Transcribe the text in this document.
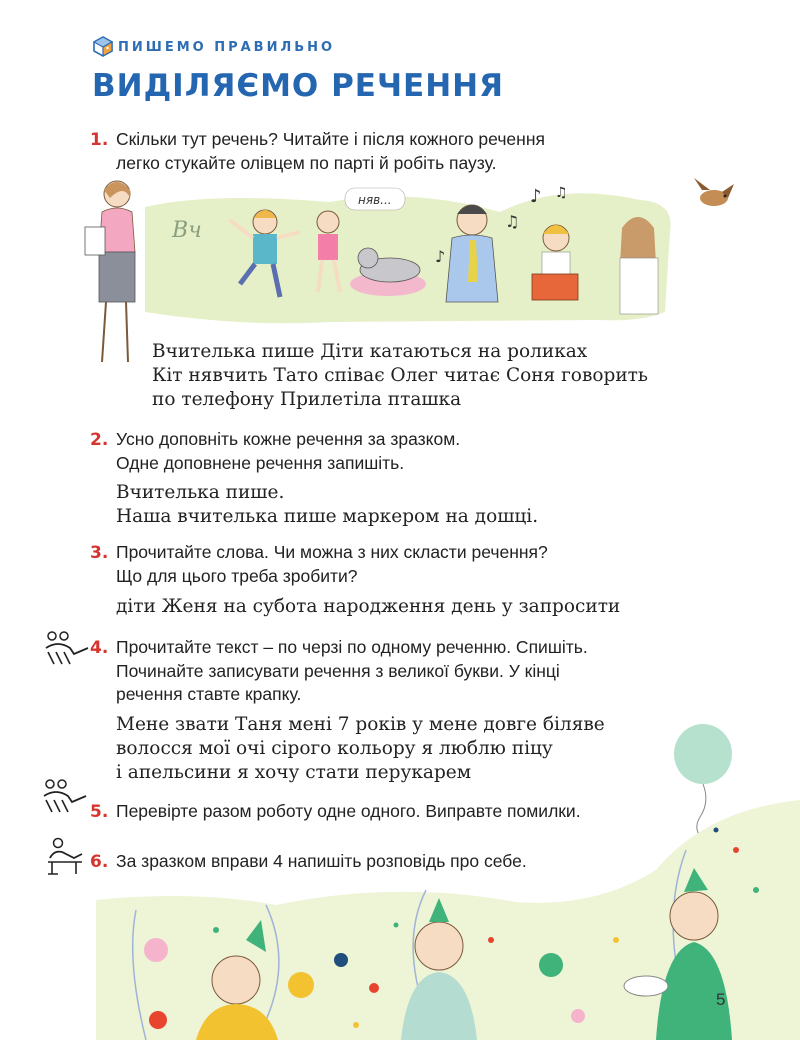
ПИШЕМО ПРАВИЛЬНО
ВИДІЛЯЄМО РЕЧЕННЯ
1. Скільки тут речень? Читайте і після кожного речення
легко стукайте олівцем по парті й робіть паузу.
Вч
няв...	♪ ♫
♫
♪
Вчителька пише Діти катаються на роликах
Кіт нявчить Тато співає Олег читає Соня говорить
по телефону Прилетіла пташка
2. Усно доповніть кожне речення за зразком.
Одне доповнене речення запишіть.
Вчителька пише.
Наша вчителька пише маркером на дошці.
3. Прочитайте слова. Чи можна з них скласти речення?
Що для цього треба зробити?
діти Женя на субота народження день у запросити
4. Прочитайте текст – по черзі по одному реченню. Спишіть.
Починайте записувати речення з великої букви. У кінці
речення ставте крапку.
Мене звати Таня мені 7 років у мене довге біляве
волосся мої очі сірого кольору я люблю піцу
і апельсини я хочу стати перукарем
5. Перевірте разом роботу одне одного. Виправте помилки.
6. За зразком вправи 4 напишіть розповідь про себе.
5
